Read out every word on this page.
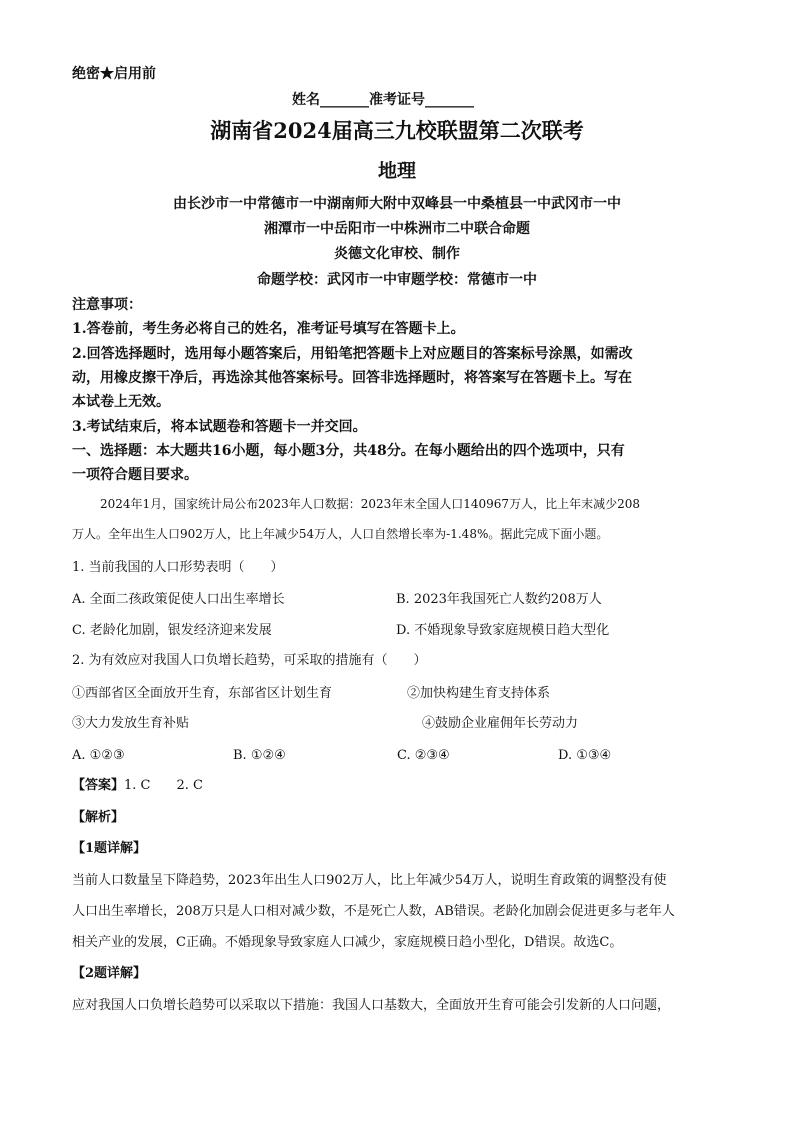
绝密★启用前
姓名_______准考证号_______
湖南省2024届高三九校联盟第二次联考
地理
由长沙市一中常德市一中湖南师大附中双峰县一中桑植县一中武冈市一中
湘潭市一中岳阳市一中株洲市二中联合命题
炎德文化审校、制作
命题学校：武冈市一中审题学校：常德市一中
注意事项：
1.答卷前，考生务必将自己的姓名，准考证号填写在答题卡上。
2.回答选择题时，选用每小题答案后，用铅笔把答题卡上对应题目的答案标号涂黑，如需改
动，用橡皮擦干净后，再选涂其他答案标号。回答非选择题时，将答案写在答题卡上。写在
本试卷上无效。
3.考试结束后，将本试题卷和答题卡一并交回。
一、选择题：本大题共16小题，每小题3分，共48分。在每小题给出的四个选项中，只有
一项符合题目要求。
2024年1月，国家统计局公布2023年人口数据：2023年末全国人口140967万人，比上年末减少208
万人。全年出生人口902万人，比上年减少54万人，人口自然增长率为-1.48%。据此完成下面小题。
1. 当前我国的人口形势表明（　　）
A. 全面二孩政策促使人口出生率增长	B. 2023年我国死亡人数约208万人
C. 老龄化加剧，银发经济迎来发展	D. 不婚现象导致家庭规模日趋大型化
2. 为有效应对我国人口负增长趋势，可采取的措施有（　　）
①西部省区全面放开生育，东部省区计划生育	②加快构建生育支持体系
③大力发放生育补贴	④鼓励企业雇佣年长劳动力
A. ①②③	B. ①②④	C. ②③④	D. ①③④
【答案】1. C　　2. C
【解析】
【1题详解】
当前人口数量呈下降趋势，2023年出生人口902万人，比上年减少54万人，说明生育政策的调整没有使
人口出生率增长，208万只是人口相对减少数，不是死亡人数，AB错误。老龄化加剧会促进更多与老年人
相关产业的发展，C正确。不婚现象导致家庭人口减少，家庭规模日趋小型化，D错误。故选C。
【2题详解】
应对我国人口负增长趋势可以采取以下措施：我国人口基数大，全面放开生育可能会引发新的人口问题，
